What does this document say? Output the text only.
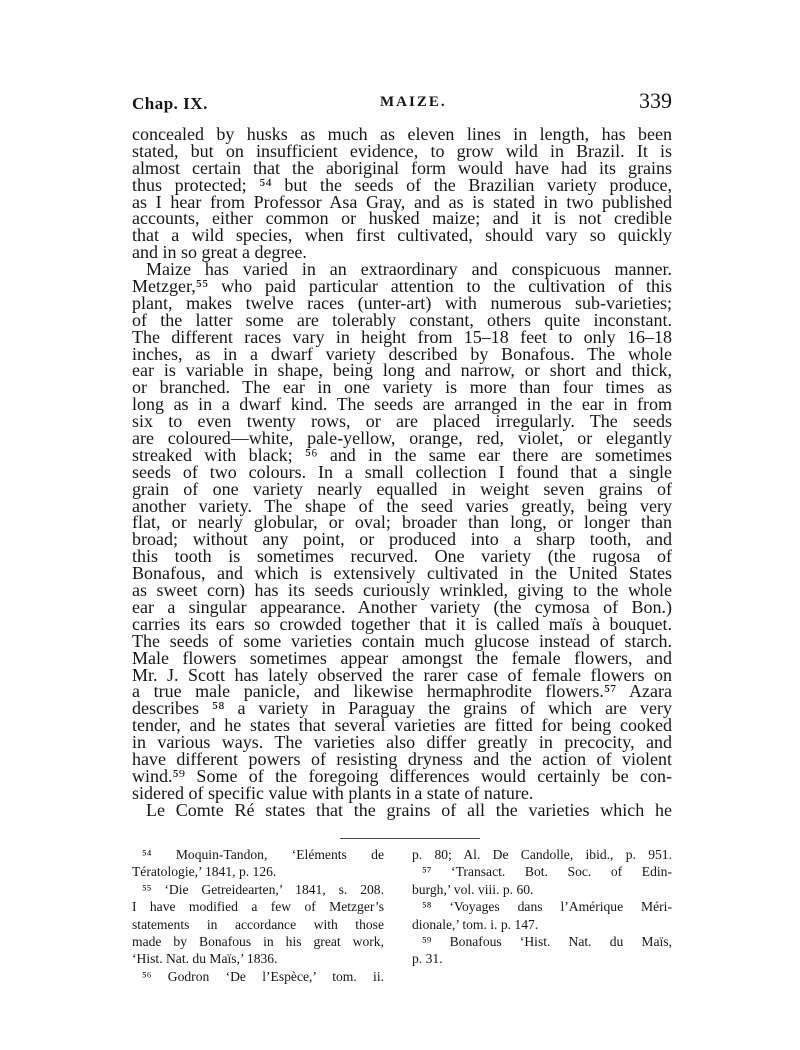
Chap. IX.	MAIZE.	339
concealed by husks as much as eleven lines in length, has been
stated, but on insufficient evidence, to grow wild in Brazil. It is
almost certain that the aboriginal form would have had its grains
thus protected; ⁵⁴ but the seeds of the Brazilian variety produce,
as I hear from Professor Asa Gray, and as is stated in two published
accounts, either common or husked maize; and it is not credible
that a wild species, when first cultivated, should vary so quickly
and in so great a degree.
Maize has varied in an extraordinary and conspicuous manner.
Metzger,⁵⁵ who paid particular attention to the cultivation of this
plant, makes twelve races (unter-art) with numerous sub-varieties;
of the latter some are tolerably constant, others quite inconstant.
The different races vary in height from 15–18 feet to only 16–18
inches, as in a dwarf variety described by Bonafous. The whole
ear is variable in shape, being long and narrow, or short and thick,
or branched. The ear in one variety is more than four times as
long as in a dwarf kind. The seeds are arranged in the ear in from
six to even twenty rows, or are placed irregularly. The seeds
are coloured—white, pale-yellow, orange, red, violet, or elegantly
streaked with black; ⁵⁶ and in the same ear there are sometimes
seeds of two colours. In a small collection I found that a single
grain of one variety nearly equalled in weight seven grains of
another variety. The shape of the seed varies greatly, being very
flat, or nearly globular, or oval; broader than long, or longer than
broad; without any point, or produced into a sharp tooth, and
this tooth is sometimes recurved. One variety (the rugosa of
Bonafous, and which is extensively cultivated in the United States
as sweet corn) has its seeds curiously wrinkled, giving to the whole
ear a singular appearance. Another variety (the cymosa of Bon.)
carries its ears so crowded together that it is called maïs à bouquet.
The seeds of some varieties contain much glucose instead of starch.
Male flowers sometimes appear amongst the female flowers, and
Mr. J. Scott has lately observed the rarer case of female flowers on
a true male panicle, and likewise hermaphrodite flowers.⁵⁷ Azara
describes ⁵⁸ a variety in Paraguay the grains of which are very
tender, and he states that several varieties are fitted for being cooked
in various ways. The varieties also differ greatly in precocity, and
have different powers of resisting dryness and the action of violent
wind.⁵⁹ Some of the foregoing differences would certainly be con-
sidered of specific value with plants in a state of nature.
Le Comte Ré states that the grains of all the varieties which he
⁵⁴ Moquin-Tandon, ‘Eléments de
Tératologie,’ 1841, p. 126.
⁵⁵ ‘Die Getreidearten,’ 1841, s. 208.
I have modified a few of Metzger’s
statements in accordance with those
made by Bonafous in his great work,
‘Hist. Nat. du Maïs,’ 1836.
⁵⁶ Godron ‘De l’Espèce,’ tom. ii.
p. 80; Al. De Candolle, ibid., p. 951.
⁵⁷ ‘Transact. Bot. Soc. of Edin-
burgh,’ vol. viii. p. 60.
⁵⁸ ‘Voyages dans l’Amérique Méri-
dionale,’ tom. i. p. 147.
⁵⁹ Bonafous ‘Hist. Nat. du Maïs,
p. 31.
